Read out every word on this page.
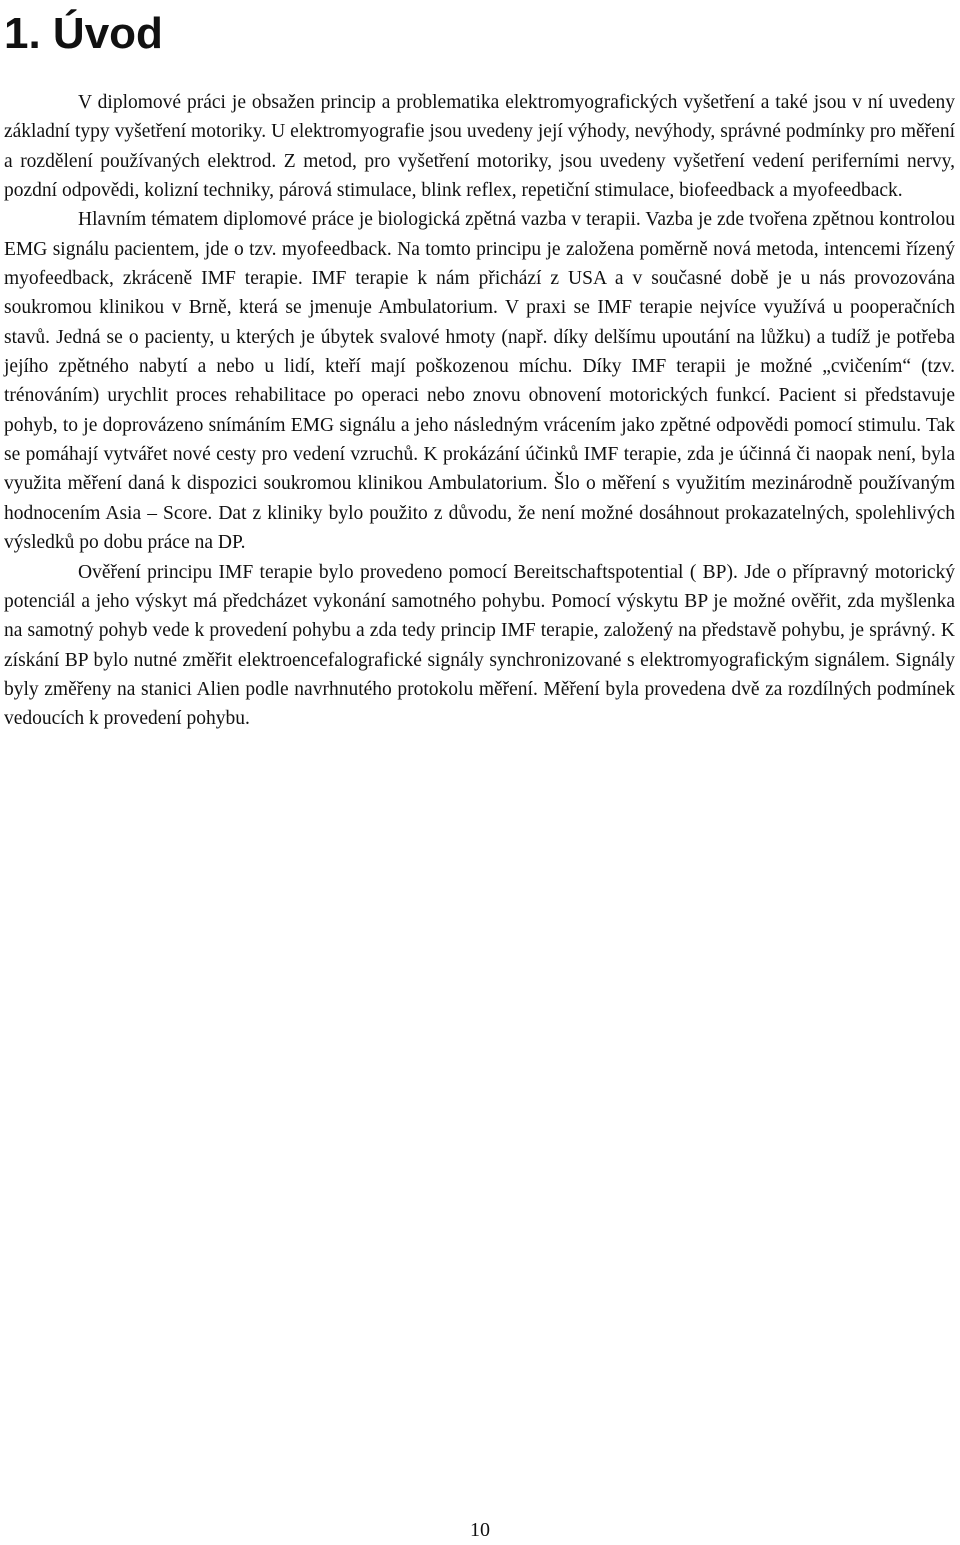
1. Úvod

V diplomové práci je obsažen princip a problematika elektromyografických vyšetření a také jsou v ní uvedeny základní typy vyšetření motoriky. U elektromyografie jsou uvedeny její výhody, nevýhody, správné podmínky pro měření a rozdělení používaných elektrod. Z metod, pro vyšetření motoriky, jsou uvedeny vyšetření vedení periferními nervy, pozdní odpovědi, kolizní techniky, párová stimulace, blink reflex, repetiční stimulace, biofeedback a myofeedback.

Hlavním tématem diplomové práce je biologická zpětná vazba v terapii. Vazba je zde tvořena zpětnou kontrolou EMG signálu pacientem, jde o tzv. myofeedback. Na tomto principu je založena poměrně nová metoda, intencemi řízený myofeedback, zkráceně IMF terapie. IMF terapie k nám přichází z USA a v současné době je u nás provozována soukromou klinikou v Brně, která se jmenuje Ambulatorium. V praxi se IMF terapie nejvíce využívá u pooperačních stavů. Jedná se o pacienty, u kterých je úbytek svalové hmoty (např. díky delšímu upoutání na lůžku) a tudíž je potřeba jejího zpětného nabytí a nebo u lidí, kteří mají poškozenou míchu. Díky IMF terapii je možné „cvičením“ (tzv. trénováním) urychlit proces rehabilitace po operaci nebo znovu obnovení motorických funkcí. Pacient si představuje pohyb, to je doprovázeno snímáním EMG signálu a jeho následným vrácením jako zpětné odpovědi pomocí stimulu. Tak se pomáhají vytvářet nové cesty pro vedení vzruchů. K prokázání účinků IMF terapie, zda je účinná či naopak není, byla využita měření daná k dispozici soukromou klinikou Ambulatorium. Šlo o měření s využitím mezinárodně používaným hodnocením Asia – Score. Dat z kliniky bylo použito z důvodu, že není možné dosáhnout prokazatelných, spolehlivých výsledků po dobu práce na DP.

Ověření principu IMF terapie bylo provedeno pomocí Bereitschaftspotential ( BP). Jde o přípravný motorický potenciál a jeho výskyt má předcházet vykonání samotného pohybu. Pomocí výskytu BP je možné ověřit, zda myšlenka na samotný pohyb vede k provedení pohybu a zda tedy princip IMF terapie, založený na představě pohybu, je správný. K získání BP bylo nutné změřit elektroencefalografické signály synchronizované s elektromyografickým signálem. Signály byly změřeny na stanici Alien podle navrhnutého protokolu měření. Měření byla provedena dvě za rozdílných podmínek vedoucích k provedení pohybu.

10
